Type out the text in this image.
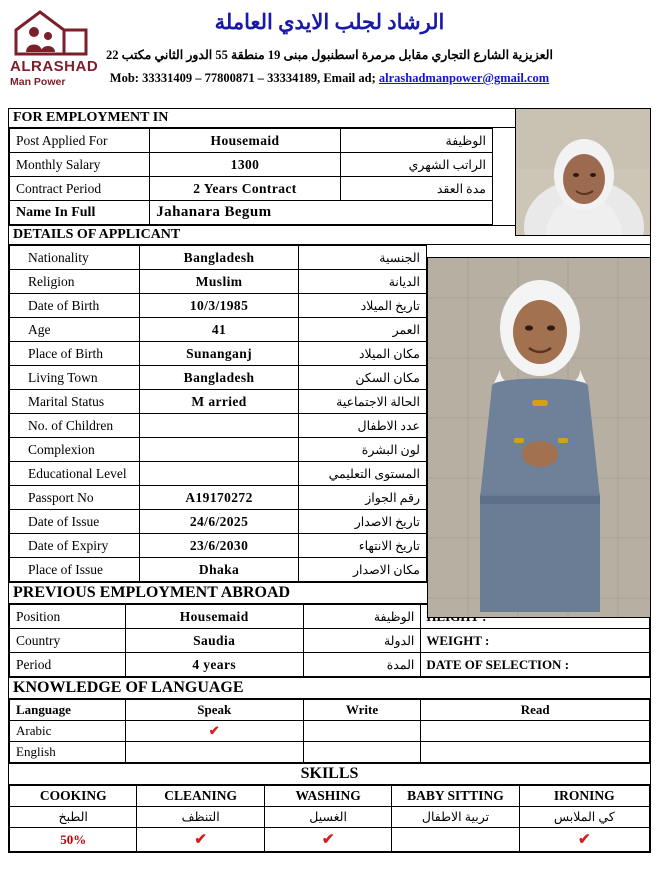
ALRASHAD
Man Power
الرشاد لجلب الايدي العاملة
العزيزية الشارع التجاري مقابل مرمرة اسطنبول مبنى 19 منطقة 55 الدور الثاني مكتب 22
Mob: 33331409 – 77800871 – 33334189, Email ad; alrashadmanpower@gmail.com
FOR EMPLOYMENT IN
Post Applied For	Housemaid	الوظيفة
Monthly Salary	1300	الراتب الشهري
Contract Period	2 Years Contract	مدة العقد
Name In Full	Jahanara Begum	
DETAILS OF APPLICANT
Nationality	Bangladesh	الجنسية
Religion	Muslim	الديانة
Date of Birth	10/3/1985	تاريخ الميلاد
Age	41	العمر
Place of Birth	Sunanganj	مكان الميلاد
Living Town	Bangladesh	مكان السكن
Marital Status	M arried	الحالة الاجتماعية
No. of Children		عدد الاطفال
Complexion		لون البشرة
Educational Level		المستوى التعليمي
Passport No	A19170272	رقم الجواز
Date of Issue	24/6/2025	تاريخ الاصدار
Date of Expiry	23/6/2030	تاريخ الانتهاء
Place of Issue	Dhaka	مكان الاصدار
PREVIOUS EMPLOYMENT ABROAD
Position	Housemaid	الوظيفة	
Country	Saudia	الدولة	WEIGHT :
Period	4 years	المدة	DATE OF SELECTION :
KNOWLEDGE OF LANGUAGE
Language	Speak	Write	Read
Arabic	✔		
English			
SKILLS
COOKING	CLEANING	WASHING	BABY SITTING	IRONING
الطبخ	التنظف	الغسيل	تربية الاطفال	كي الملابس
50%	✔	✔		✔
